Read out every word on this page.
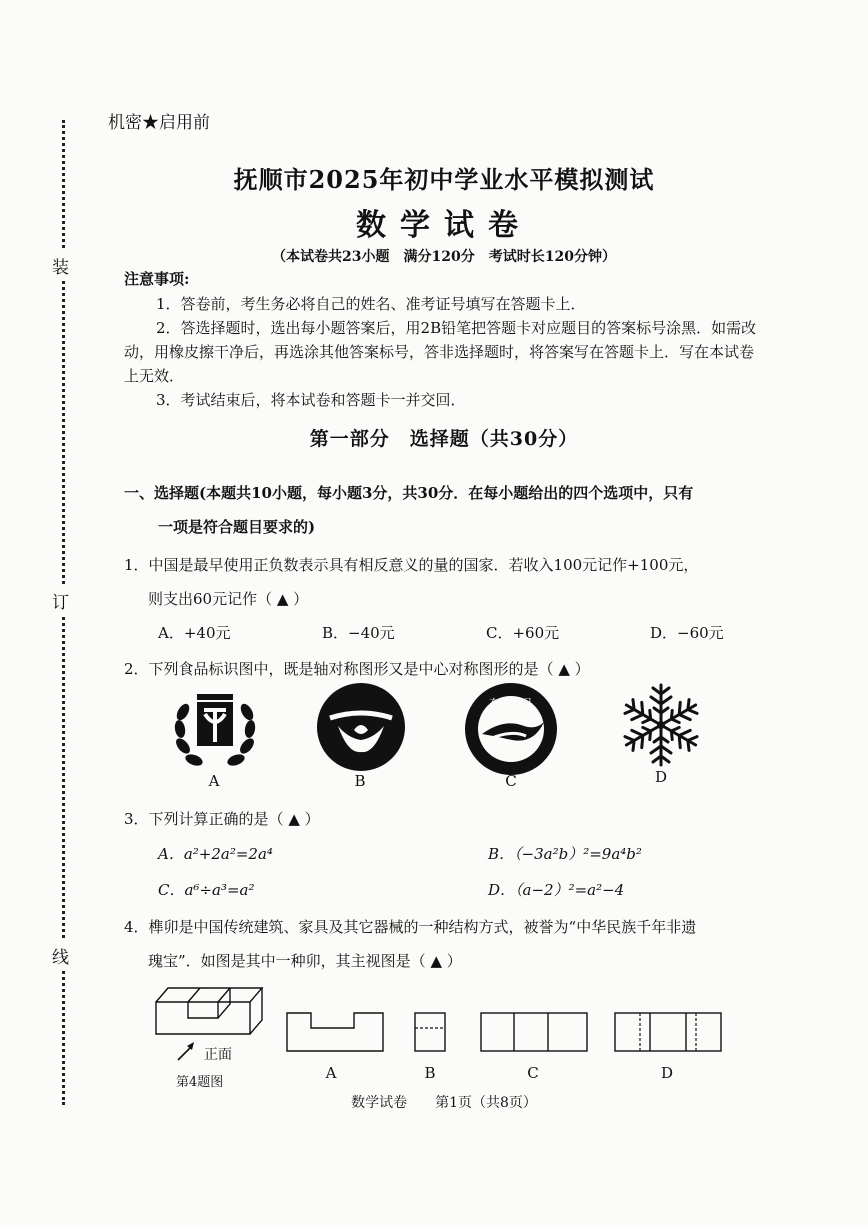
装
订
线
机密★启用前
抚顺市2025年初中学业水平模拟测试
数学试卷
（本试卷共23小题　满分120分　考试时长120分钟）
注意事项:
1．答卷前，考生务必将自己的姓名、准考证号填写在答题卡上．
2．答选择题时，选出每小题答案后，用2B铅笔把答题卡对应题目的答案标号涂黑．如需改动，用橡皮擦干净后，再选涂其他答案标号，答非选择题时，将答案写在答题卡上．写在本试卷上无效．
3．考试结束后，将本试卷和答题卡一并交回．
第一部分　选择题（共30分）
一、选择题(本题共10小题，每小题3分，共30分．在每小题给出的四个选项中，只有
一项是符合题目要求的)
1．中国是最早使用正负数表示具有相反意义的量的国家．若收入100元记作+100元，
则支出60元记作（ ▲ ）
A．+40元	B．−40元	C．+60元	D．−60元
2．下列食品标识图中，既是轴对称图形又是中心对称图形的是（ ▲ ）
有机食品
A	B	C	D
3．下列计算正确的是（ ▲ ）
A．a²+2a²=2a⁴	B．（−3a²b）²=9a⁴b²
C．a⁶÷a³=a²	D．（a−2）²=a²−4
4．榫卯是中国传统建筑、家具及其它器械的一种结构方式，被誉为“中华民族千年非遗
瑰宝”．如图是其中一种卯，其主视图是（ ▲ ）
正面
第4题图
A	B	C	D
数学试卷　　第1页（共8页）
